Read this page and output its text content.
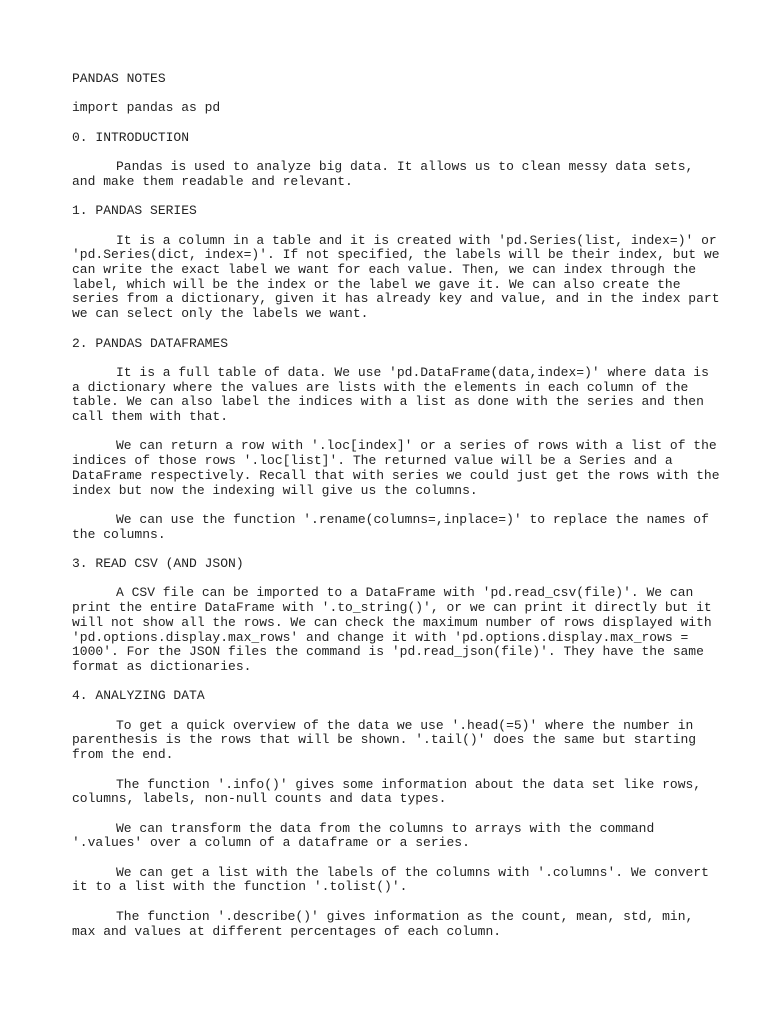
PANDAS NOTES

import pandas as pd

0. INTRODUCTION

Pandas is used to analyze big data. It allows us to clean messy data sets,

and make them readable and relevant.

1. PANDAS SERIES

It is a column in a table and it is created with 'pd.Series(list, index=)' or

'pd.Series(dict, index=)'. If not specified, the labels will be their index, but we

can write the exact label we want for each value. Then, we can index through the

label, which will be the index or the label we gave it. We can also create the

series from a dictionary, given it has already key and value, and in the index part

we can select only the labels we want.

2. PANDAS DATAFRAMES

It is a full table of data. We use 'pd.DataFrame(data,index=)' where data is

a dictionary where the values are lists with the elements in each column of the

table. We can also label the indices with a list as done with the series and then

call them with that.

We can return a row with '.loc[index]' or a series of rows with a list of the

indices of those rows '.loc[list]'. The returned value will be a Series and a

DataFrame respectively. Recall that with series we could just get the rows with the

index but now the indexing will give us the columns.

We can use the function '.rename(columns=,inplace=)' to replace the names of

the columns.

3. READ CSV (AND JSON)

A CSV file can be imported to a DataFrame with 'pd.read_csv(file)'. We can

print the entire DataFrame with '.to_string()', or we can print it directly but it

will not show all the rows. We can check the maximum number of rows displayed with

'pd.options.display.max_rows' and change it with 'pd.options.display.max_rows =

1000'. For the JSON files the command is 'pd.read_json(file)'. They have the same

format as dictionaries.

4. ANALYZING DATA

To get a quick overview of the data we use '.head(=5)' where the number in

parenthesis is the rows that will be shown. '.tail()' does the same but starting

from the end.

The function '.info()' gives some information about the data set like rows,

columns, labels, non-null counts and data types.

We can transform the data from the columns to arrays with the command

'.values' over a column of a dataframe or a series.

We can get a list with the labels of the columns with '.columns'. We convert

it to a list with the function '.tolist()'.

The function '.describe()' gives information as the count, mean, std, min,

max and values at different percentages of each column.
